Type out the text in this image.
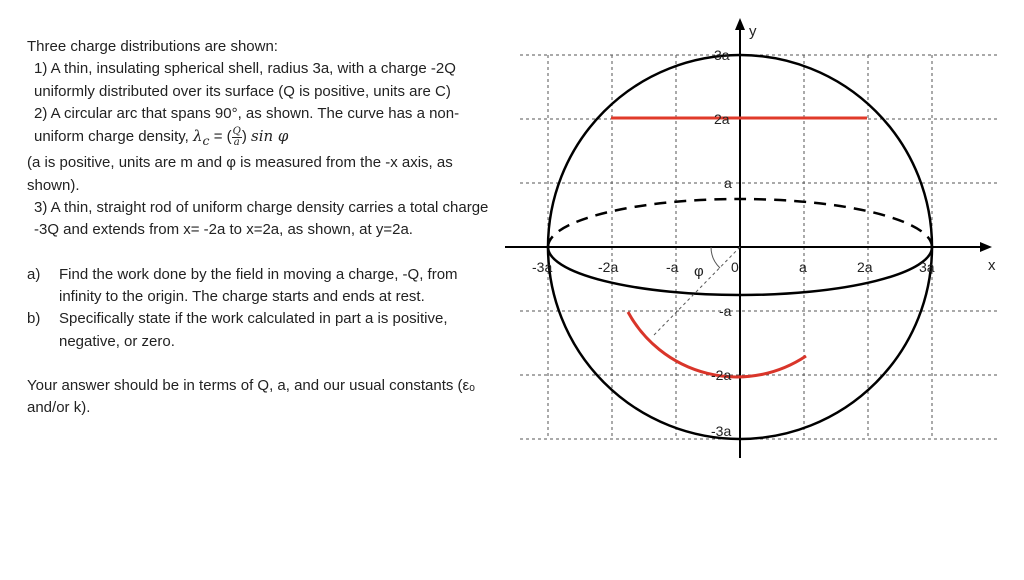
Three charge distributions are shown:

1) A thin, insulating spherical shell, radius 3a, with a charge -2Q uniformly distributed over its surface (Q is positive, units are C)

2) A circular arc that spans 90°, as shown. The curve has a non-uniform charge density, $\lambda_c$ = ( $\frac{Q}{a}$ ) sin φ

(a is positive, units are m and φ is measured from the -x axis, as shown).

3) A thin, straight rod of uniform charge density carries a total charge -3Q and extends from x= -2a to x=2a, as shown, at y=2a.

a)	Find the work done by the field in moving a charge, -Q, from infinity to the origin. The charge starts and ends at rest.
b)	Specifically state if the work calculated in part a is positive, negative, or zero.

Your answer should be in terms of Q, a, and our usual constants (εₒ and/or k).

x
y
φ
-3a	-2a	-a	0	a	2a	3a
3a
2a
a
-a
-2a
-3a
